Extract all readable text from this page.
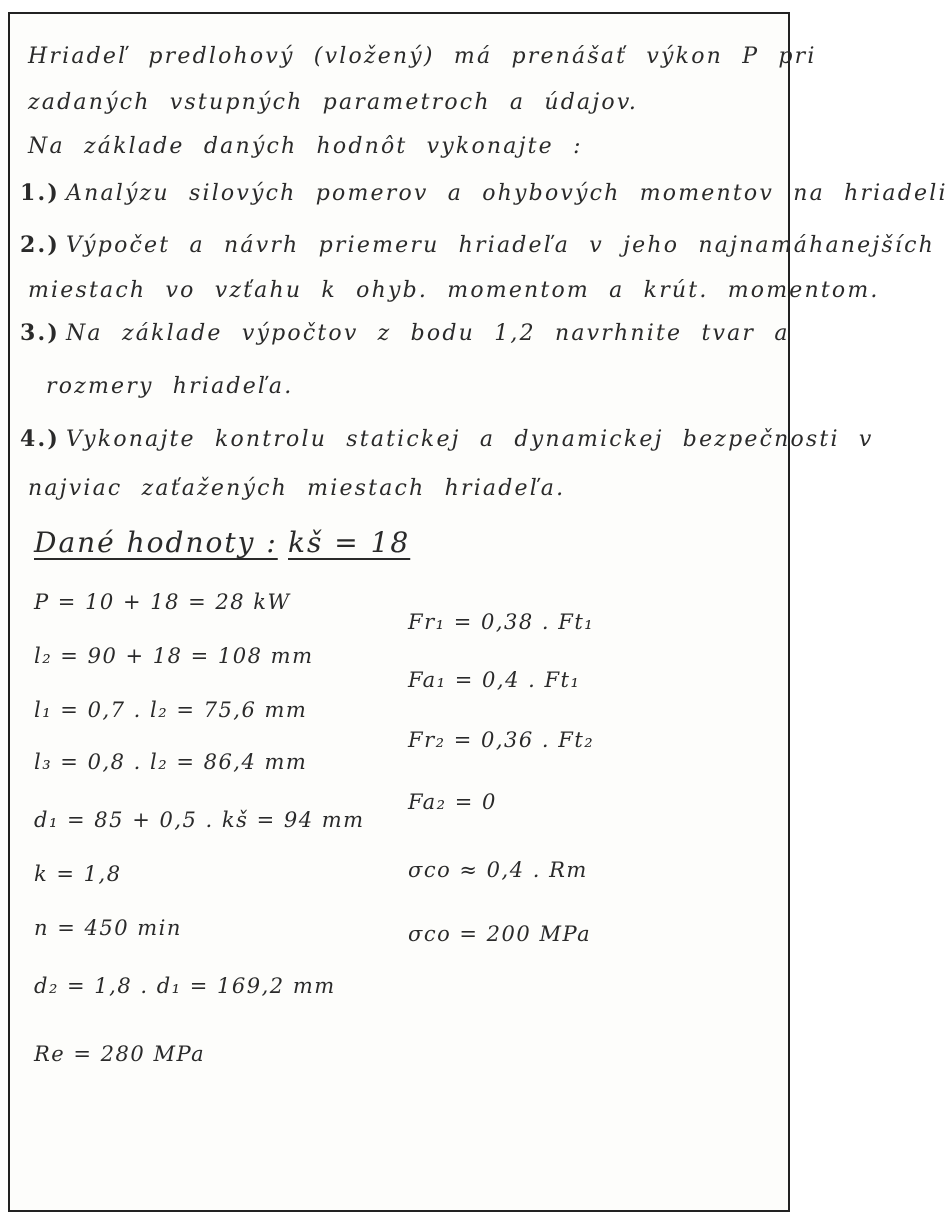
Hriadeľ predlohový (vložený) má prenášať výkon P pri
zadaných vstupných parametroch a údajov.
Na základe daných hodnôt vykonajte :
1.) Analýzu silových pomerov a ohybových momentov na hriadeli
2.) Výpočet a návrh priemeru hriadeľa v jeho najnamáhanejších
miestach vo vzťahu k ohyb. momentom a krút. momentom.
3.) Na základe výpočtov z bodu 1,2 navrhnite tvar a
rozmery hriadeľa.
4.) Vykonajte kontrolu statickej a dynamickej bezpečnosti v
najviac zaťažených miestach hriadeľa.
Dané hodnoty : kš = 18
P = 10 + 18 = 28 kW
l₂ = 90 + 18 = 108 mm
l₁ = 0,7 . l₂ = 75,6 mm
l₃ = 0,8 . l₂ = 86,4 mm
d₁ = 85 + 0,5 . kš = 94 mm
k = 1,8
n = 450 min
d₂ = 1,8 . d₁ = 169,2 mm
Re = 280 MPa
Fr₁ = 0,38 . Ft₁
Fa₁ = 0,4 . Ft₁
Fr₂ = 0,36 . Ft₂
Fa₂ = 0
σco ≈ 0,4 . Rm
σco = 200 MPa
